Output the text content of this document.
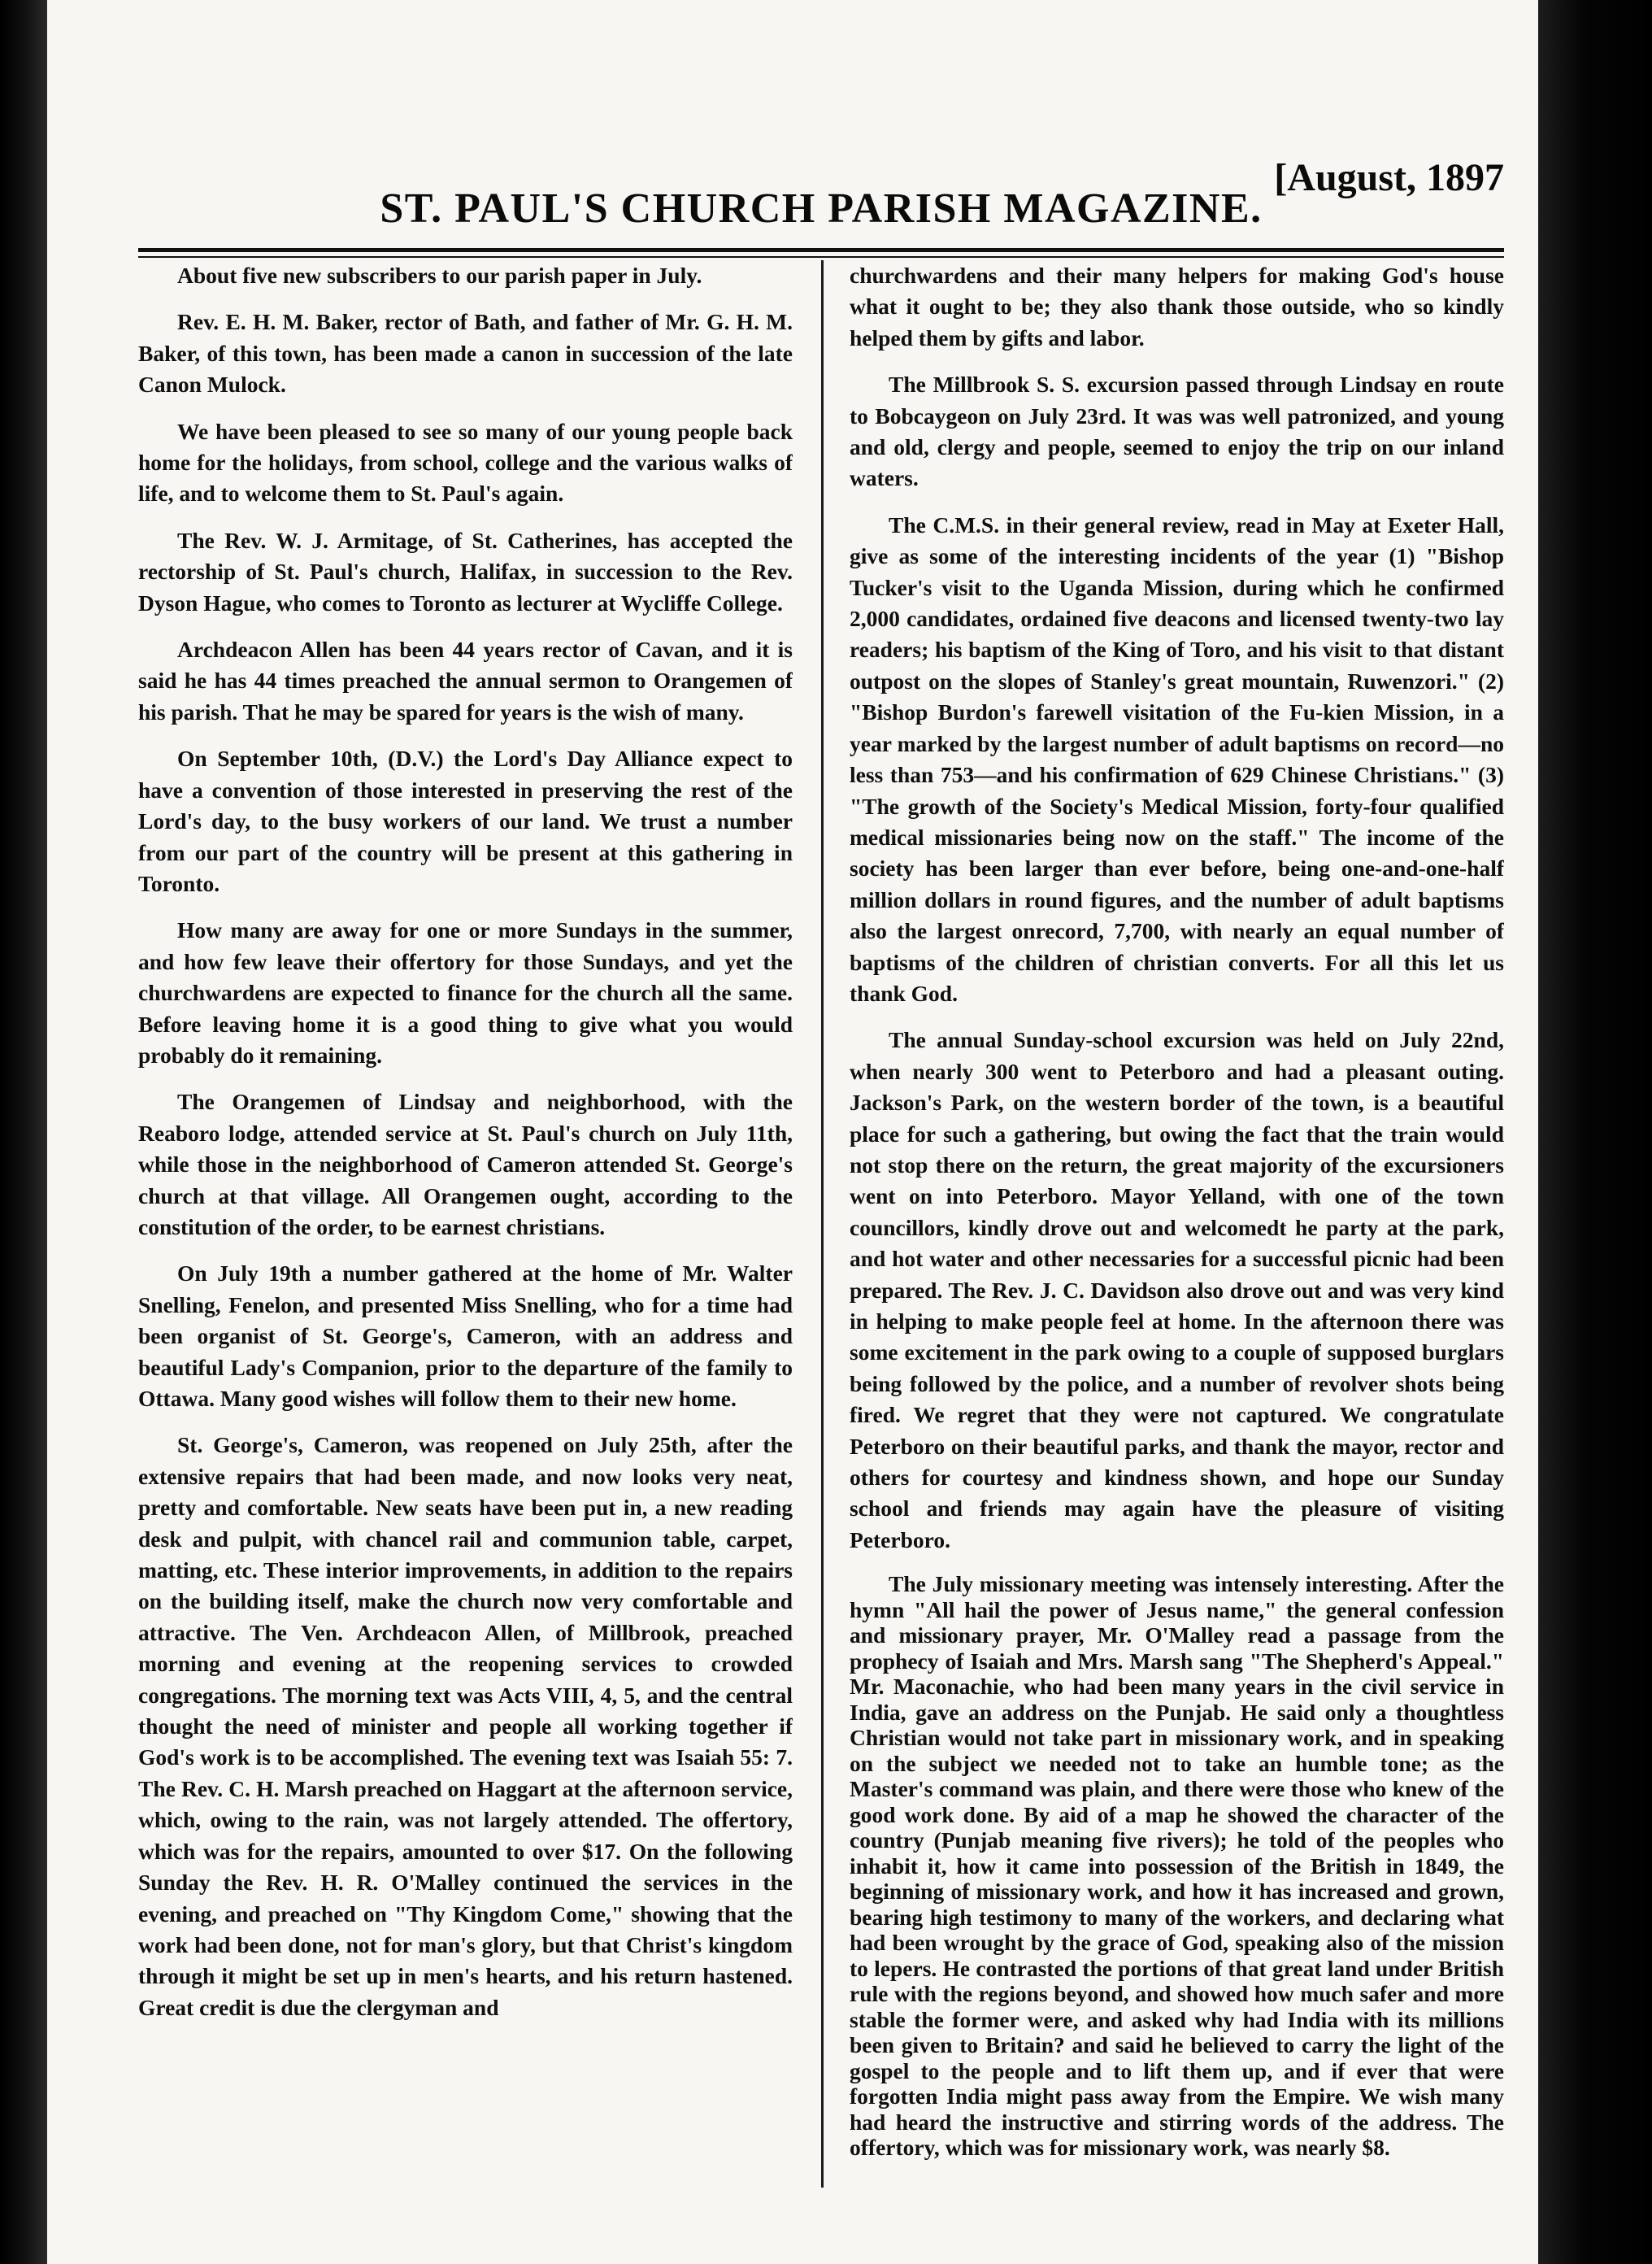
[August, 1897
ST. PAUL'S CHURCH PARISH MAGAZINE.

About five new subscribers to our parish paper in July.

Rev. E. H. M. Baker, rector of Bath, and father of Mr. G. H. M. Baker, of this town, has been made a canon in succession of the late Canon Mulock.

We have been pleased to see so many of our young people back home for the holidays, from school, college and the various walks of life, and to welcome them to St. Paul's again.

The Rev. W. J. Armitage, of St. Catherines, has accepted the rectorship of St. Paul's church, Halifax, in succession to the Rev. Dyson Hague, who comes to Toronto as lecturer at Wycliffe College.

Archdeacon Allen has been 44 years rector of Cavan, and it is said he has 44 times preached the annual sermon to Orangemen of his parish. That he may be spared for years is the wish of many.

On September 10th, (D.V.) the Lord's Day Alliance expect to have a convention of those interested in preserving the rest of the Lord's day, to the busy workers of our land. We trust a number from our part of the country will be present at this gathering in Toronto.

How many are away for one or more Sundays in the summer, and how few leave their offertory for those Sundays, and yet the churchwardens are expected to finance for the church all the same. Before leaving home it is a good thing to give what you would probably do it remaining.

The Orangemen of Lindsay and neighborhood, with the Reaboro lodge, attended service at St. Paul's church on July 11th, while those in the neighborhood of Cameron attended St. George's church at that village. All Orangemen ought, according to the constitution of the order, to be earnest christians.

On July 19th a number gathered at the home of Mr. Walter Snelling, Fenelon, and presented Miss Snelling, who for a time had been organist of St. George's, Cameron, with an address and beautiful Lady's Companion, prior to the departure of the family to Ottawa. Many good wishes will follow them to their new home.

St. George's, Cameron, was reopened on July 25th, after the extensive repairs that had been made, and now looks very neat, pretty and comfortable. New seats have been put in, a new reading desk and pulpit, with chancel rail and communion table, carpet, matting, etc. These interior improvements, in addition to the repairs on the building itself, make the church now very comfortable and attractive. The Ven. Archdeacon Allen, of Millbrook, preached morning and evening at the reopening services to crowded congregations. The morning text was Acts VIII, 4, 5, and the central thought the need of minister and people all working together if God's work is to be accomplished. The evening text was Isaiah 55: 7. The Rev. C. H. Marsh preached on Haggart at the afternoon service, which, owing to the rain, was not largely attended. The offertory, which was for the repairs, amounted to over $17. On the following Sunday the Rev. H. R. O'Malley continued the services in the evening, and preached on "Thy Kingdom Come," showing that the work had been done, not for man's glory, but that Christ's kingdom through it might be set up in men's hearts, and his return hastened. Great credit is due the clergyman and

churchwardens and their many helpers for making God's house what it ought to be; they also thank those outside, who so kindly helped them by gifts and labor.

The Millbrook S. S. excursion passed through Lindsay en route to Bobcaygeon on July 23rd. It was was well patronized, and young and old, clergy and people, seemed to enjoy the trip on our inland waters.

The C.M.S. in their general review, read in May at Exeter Hall, give as some of the interesting incidents of the year (1) "Bishop Tucker's visit to the Uganda Mission, during which he confirmed 2,000 candidates, ordained five deacons and licensed twenty-two lay readers; his baptism of the King of Toro, and his visit to that distant outpost on the slopes of Stanley's great mountain, Ruwenzori." (2) "Bishop Burdon's farewell visitation of the Fu-kien Mission, in a year marked by the largest number of adult baptisms on record—no less than 753—and his confirmation of 629 Chinese Christians." (3) "The growth of the Society's Medical Mission, forty-four qualified medical missionaries being now on the staff." The income of the society has been larger than ever before, being one-and-one-half million dollars in round figures, and the number of adult baptisms also the largest onrecord, 7,700, with nearly an equal number of baptisms of the children of christian converts. For all this let us thank God.

The annual Sunday-school excursion was held on July 22nd, when nearly 300 went to Peterboro and had a pleasant outing. Jackson's Park, on the western border of the town, is a beautiful place for such a gathering, but owing the fact that the train would not stop there on the return, the great majority of the excursioners went on into Peterboro. Mayor Yelland, with one of the town councillors, kindly drove out and welcomedt he party at the park, and hot water and other necessaries for a successful picnic had been prepared. The Rev. J. C. Davidson also drove out and was very kind in helping to make people feel at home. In the afternoon there was some excitement in the park owing to a couple of supposed burglars being followed by the police, and a number of revolver shots being fired. We regret that they were not captured. We congratulate Peterboro on their beautiful parks, and thank the mayor, rector and others for courtesy and kindness shown, and hope our Sunday school and friends may again have the pleasure of visiting Peterboro.

The July missionary meeting was intensely interesting. After the hymn "All hail the power of Jesus name," the general confession and missionary prayer, Mr. O'Malley read a passage from the prophecy of Isaiah and Mrs. Marsh sang "The Shepherd's Appeal." Mr. Maconachie, who had been many years in the civil service in India, gave an address on the Punjab. He said only a thoughtless Christian would not take part in missionary work, and in speaking on the subject we needed not to take an humble tone; as the Master's command was plain, and there were those who knew of the good work done. By aid of a map he showed the character of the country (Punjab meaning five rivers); he told of the peoples who inhabit it, how it came into possession of the British in 1849, the beginning of missionary work, and how it has increased and grown, bearing high testimony to many of the workers, and declaring what had been wrought by the grace of God, speaking also of the mission to lepers. He contrasted the portions of that great land under British rule with the regions beyond, and showed how much safer and more stable the former were, and asked why had India with its millions been given to Britain? and said he believed to carry the light of the gospel to the people and to lift them up, and if ever that were forgotten India might pass away from the Empire. We wish many had heard the instructive and stirring words of the address. The offertory, which was for missionary work, was nearly $8.
